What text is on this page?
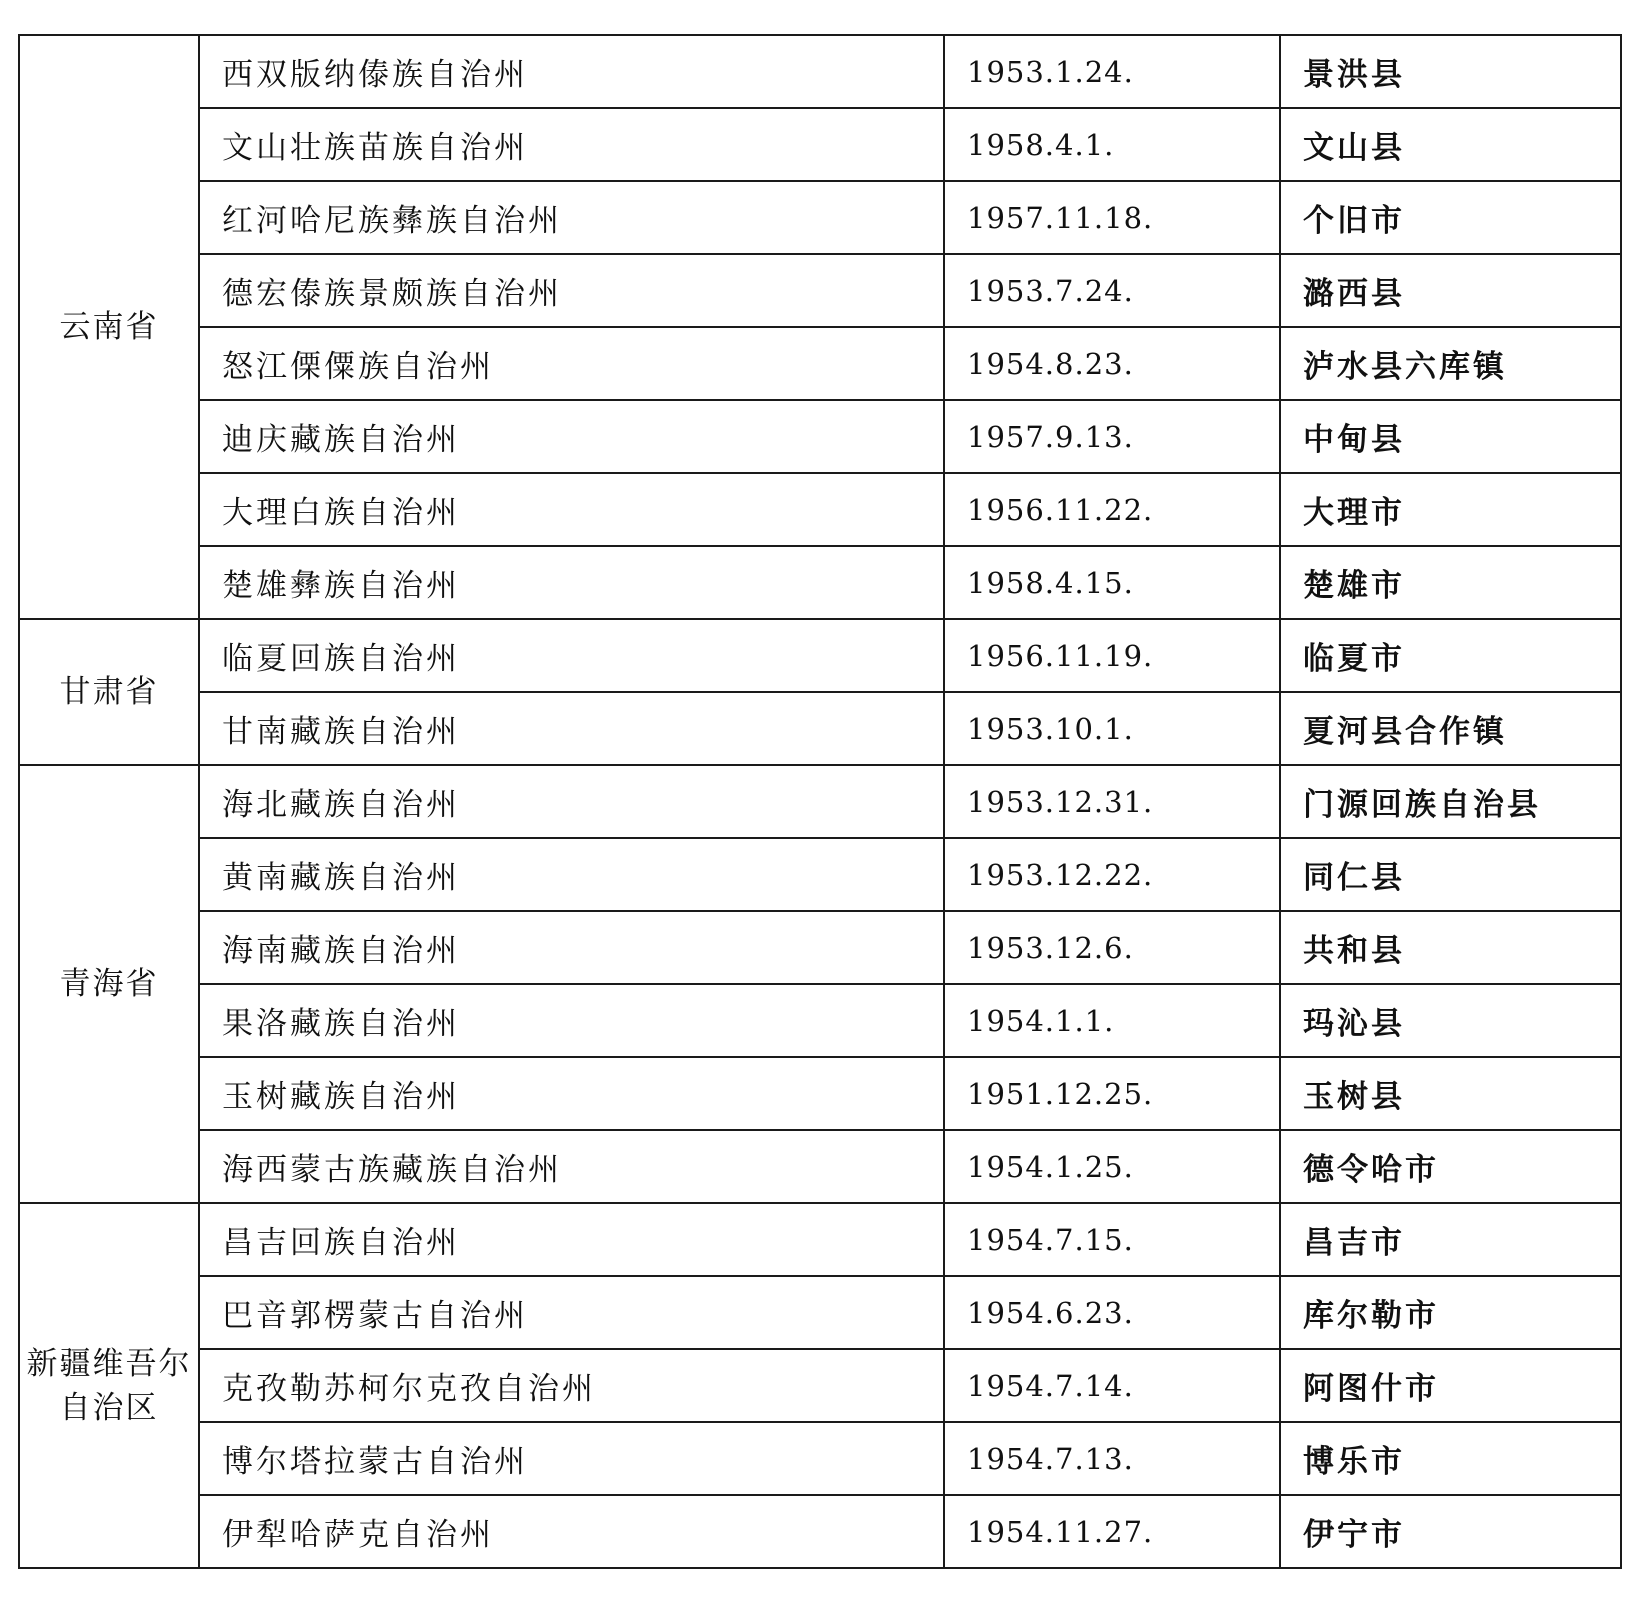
云南省	西双版纳傣族自治州	1953.1.24.	景洪县
	文山壮族苗族自治州	1958.4.1.	文山县
	红河哈尼族彝族自治州	1957.11.18.	个旧市
	德宏傣族景颇族自治州	1953.7.24.	潞西县
	怒江傈僳族自治州	1954.8.23.	泸水县六库镇
	迪庆藏族自治州	1957.9.13.	中甸县
	大理白族自治州	1956.11.22.	大理市
	楚雄彝族自治州	1958.4.15.	楚雄市

甘肃省	临夏回族自治州	1956.11.19.	临夏市
	甘南藏族自治州	1953.10.1.	夏河县合作镇

青海省	海北藏族自治州	1953.12.31.	门源回族自治县
	黄南藏族自治州	1953.12.22.	同仁县
	海南藏族自治州	1953.12.6.	共和县
	果洛藏族自治州	1954.1.1.	玛沁县
	玉树藏族自治州	1951.12.25.	玉树县
	海西蒙古族藏族自治州	1954.1.25.	德令哈市

新疆维吾尔
自治区	昌吉回族自治州	1954.7.15.	昌吉市
	巴音郭楞蒙古自治州	1954.6.23.	库尔勒市
	克孜勒苏柯尔克孜自治州	1954.7.14.	阿图什市
	博尔塔拉蒙古自治州	1954.7.13.	博乐市
	伊犁哈萨克自治州	1954.11.27.	伊宁市
